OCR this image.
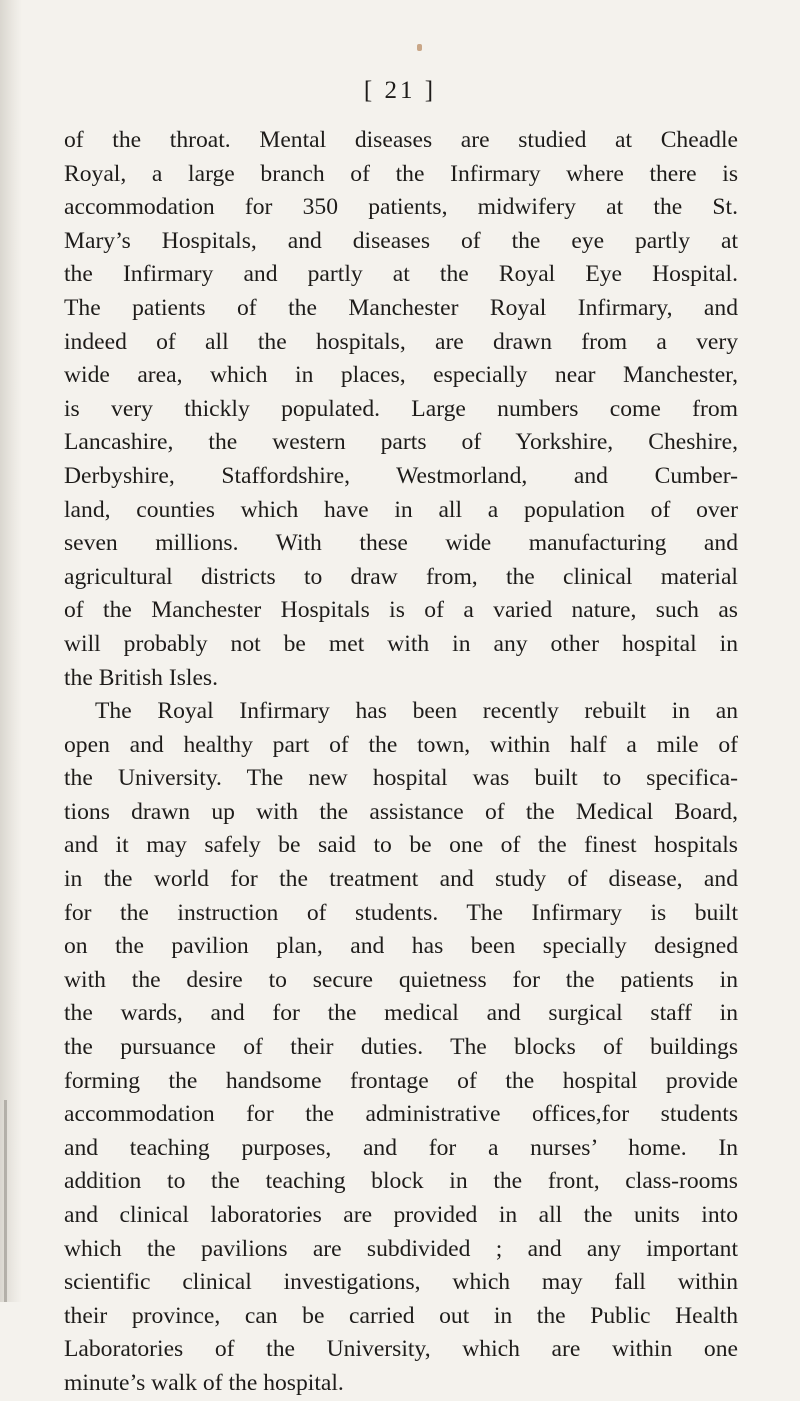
[ 21 ]
of the throat. Mental diseases are studied at Cheadle
Royal, a large branch of the Infirmary where there is
accommodation for 350 patients, midwifery at the St.
Mary’s Hospitals, and diseases of the eye partly at
the Infirmary and partly at the Royal Eye Hospital.
The patients of the Manchester Royal Infirmary, and
indeed of all the hospitals, are drawn from a very
wide area, which in places, especially near Manchester,
is very thickly populated. Large numbers come from
Lancashire, the western parts of Yorkshire, Cheshire,
Derbyshire, Staffordshire, Westmorland, and Cumber-
land, counties which have in all a population of over
seven millions. With these wide manufacturing and
agricultural districts to draw from, the clinical material
of the Manchester Hospitals is of a varied nature, such as
will probably not be met with in any other hospital in
the British Isles.
The Royal Infirmary has been recently rebuilt in an
open and healthy part of the town, within half a mile of
the University. The new hospital was built to specifica-
tions drawn up with the assistance of the Medical Board,
and it may safely be said to be one of the finest hospitals
in the world for the treatment and study of disease, and
for the instruction of students. The Infirmary is built
on the pavilion plan, and has been specially designed
with the desire to secure quietness for the patients in
the wards, and for the medical and surgical staff in
the pursuance of their duties. The blocks of buildings
forming the handsome frontage of the hospital provide
accommodation for the administrative offices,for students
and teaching purposes, and for a nurses’ home. In
addition to the teaching block in the front, class-rooms
and clinical laboratories are provided in all the units into
which the pavilions are subdivided ; and any important
scientific clinical investigations, which may fall within
their province, can be carried out in the Public Health
Laboratories of the University, which are within one
minute’s walk of the hospital.
